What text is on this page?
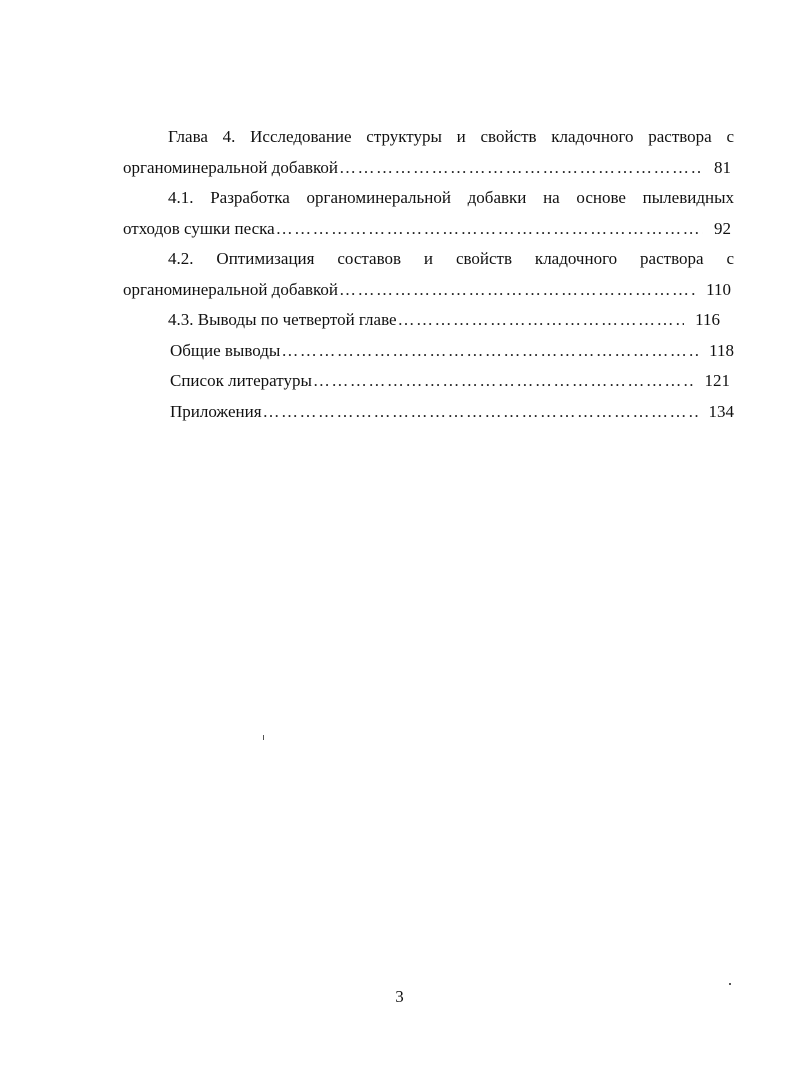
Глава 4. Исследование структуры и свойств кладочного раствора с
органоминеральной добавкой …………………………………………………………………………………………………………………………	81
4.1. Разработка органоминеральной добавки на основе пылевидных
отходов сушки песка …………………………………………………………………………………………………………………………	92
4.2. Оптимизация составов и свойств кладочного раствора с
органоминеральной добавкой …………………………………………………………………………………………………………………………	110
4.3. Выводы по четвертой главе …………………………………………………………………………………………………………………………	116
Общие выводы …………………………………………………………………………………………………………………………	118
Список литературы …………………………………………………………………………………………………………………………	121
Приложения …………………………………………………………………………………………………………………………	134
3
